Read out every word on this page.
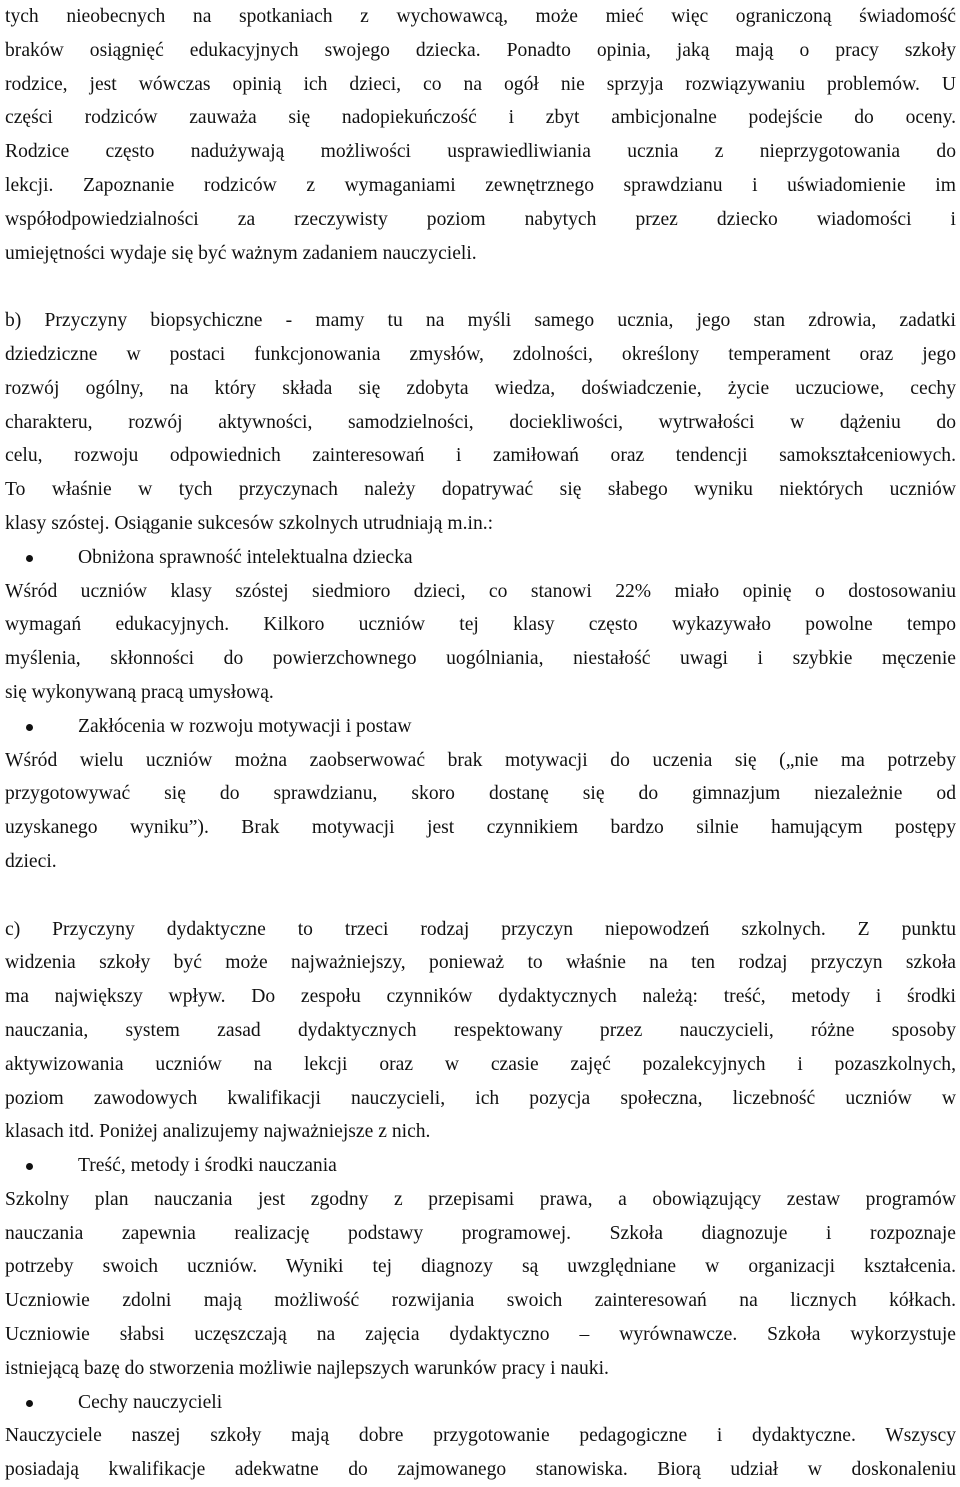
tych nieobecnych na spotkaniach z wychowawcą, może mieć więc ograniczoną świadomość
braków osiągnięć edukacyjnych swojego dziecka. Ponadto opinia, jaką mają o pracy szkoły
rodzice, jest wówczas opinią ich dzieci, co na ogół nie sprzyja rozwiązywaniu problemów. U
części rodziców zauważa się nadopiekuńczość i zbyt ambicjonalne podejście do oceny.
Rodzice często nadużywają możliwości usprawiedliwiania ucznia z nieprzygotowania do
lekcji. Zapoznanie rodziców z wymaganiami zewnętrznego sprawdzianu i uświadomienie im
współodpowiedzialności za rzeczywisty poziom nabytych przez dziecko wiadomości i
umiejętności wydaje się być ważnym zadaniem nauczycieli.
b) Przyczyny biopsychiczne - mamy tu na myśli samego ucznia, jego stan zdrowia, zadatki
dziedziczne w postaci funkcjonowania zmysłów, zdolności, określony temperament oraz jego
rozwój ogólny, na który składa się zdobyta wiedza, doświadczenie, życie uczuciowe, cechy
charakteru, rozwój aktywności, samodzielności, dociekliwości, wytrwałości w dążeniu do
celu, rozwoju odpowiednich zainteresowań i zamiłowań oraz tendencji samokształceniowych.
To właśnie w tych przyczynach należy dopatrywać się słabego wyniku niektórych uczniów
klasy szóstej. Osiąganie sukcesów szkolnych utrudniają m.in.:
Obniżona sprawność intelektualna dziecka
Wśród uczniów klasy szóstej siedmioro dzieci, co stanowi 22% miało opinię o dostosowaniu
wymagań edukacyjnych. Kilkoro uczniów tej klasy często wykazywało powolne tempo
myślenia, skłonności do powierzchownego uogólniania, niestałość uwagi i szybkie męczenie
się wykonywaną pracą umysłową.
Zakłócenia w rozwoju motywacji i postaw
Wśród wielu uczniów można zaobserwować brak motywacji do uczenia się („nie ma potrzeby
przygotowywać się do sprawdzianu, skoro dostanę się do gimnazjum niezależnie od
uzyskanego wyniku”). Brak motywacji jest czynnikiem bardzo silnie hamującym postępy
dzieci.
c) Przyczyny dydaktyczne to trzeci rodzaj przyczyn niepowodzeń szkolnych. Z punktu
widzenia szkoły być może najważniejszy, ponieważ to właśnie na ten rodzaj przyczyn szkoła
ma największy wpływ. Do zespołu czynników dydaktycznych należą: treść, metody i środki
nauczania, system zasad dydaktycznych respektowany przez nauczycieli, różne sposoby
aktywizowania uczniów na lekcji oraz w czasie zajęć pozalekcyjnych i pozaszkolnych,
poziom zawodowych kwalifikacji nauczycieli, ich pozycja społeczna, liczebność uczniów w
klasach itd. Poniżej analizujemy najważniejsze z nich.
Treść, metody i środki nauczania
Szkolny plan nauczania jest zgodny z przepisami prawa, a obowiązujący zestaw programów
nauczania zapewnia realizację podstawy programowej. Szkoła diagnozuje i rozpoznaje
potrzeby swoich uczniów. Wyniki tej diagnozy są uwzględniane w organizacji kształcenia.
Uczniowie zdolni mają możliwość rozwijania swoich zainteresowań na licznych kółkach.
Uczniowie słabsi uczęszczają na zajęcia dydaktyczno – wyrównawcze. Szkoła wykorzystuje
istniejącą bazę do stworzenia możliwie najlepszych warunków pracy i nauki.
Cechy nauczycieli
Nauczyciele naszej szkoły mają dobre przygotowanie pedagogiczne i dydaktyczne. Wszyscy
posiadają kwalifikacje adekwatne do zajmowanego stanowiska. Biorą udział w doskonaleniu
